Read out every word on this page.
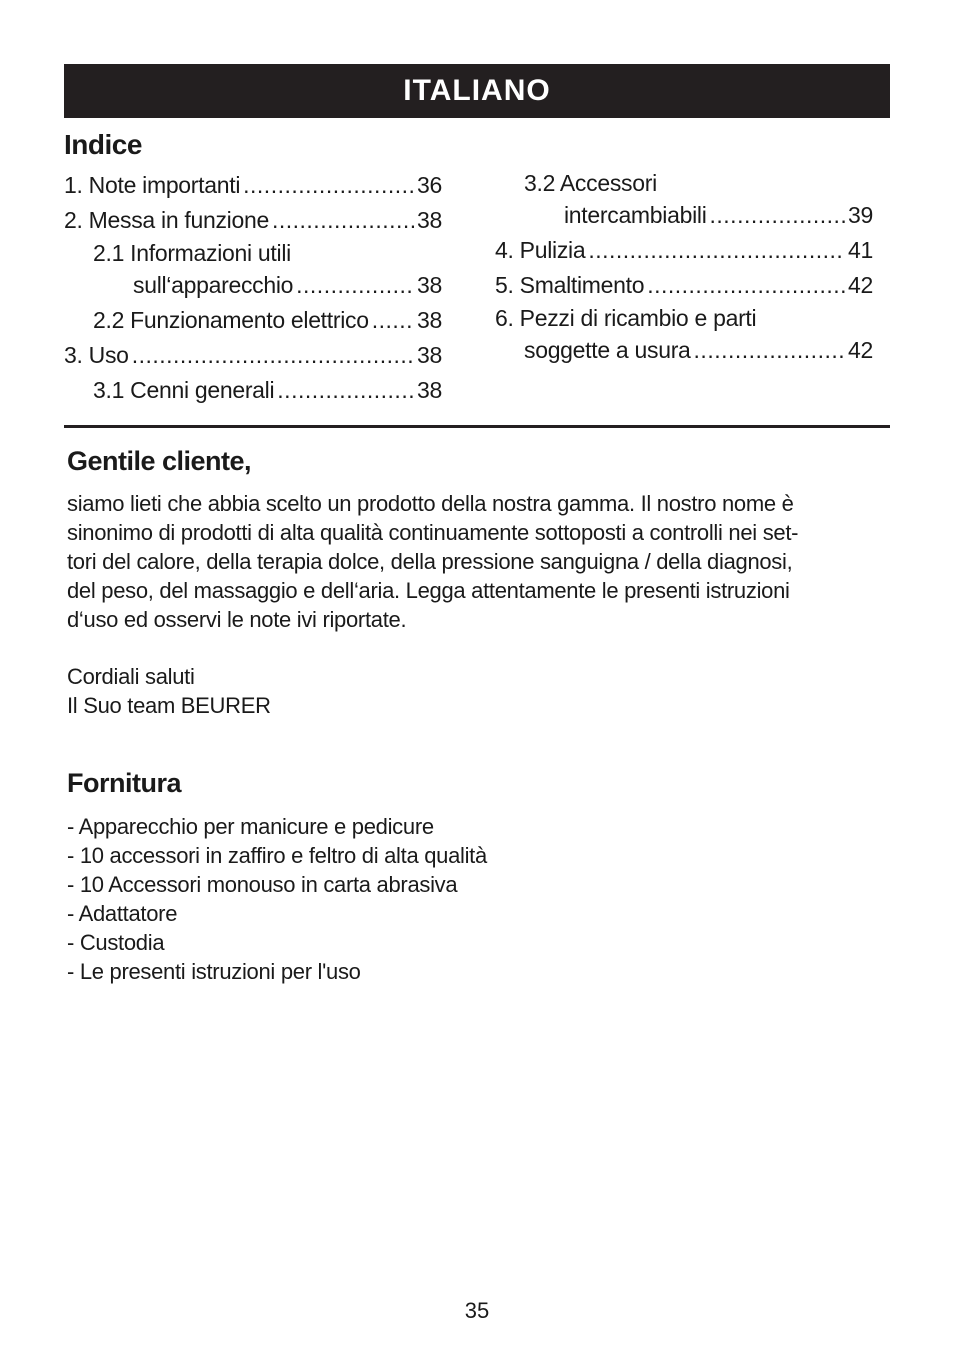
ITALIANO
Indice
1. Note importanti .....	36
2. Messa in funzione .....	38
2.1 Informazioni utili
sull‘apparecchio .....	38
2.2 Funzionamento elettrico ..... 38
3. Uso .....	38
3.1 Cenni generali .....	38
3.2 Accessori
intercambiabili .....	39
4. Pulizia .....	41
5. Smaltimento .....	42
6. Pezzi di ricambio e parti
soggette a usura .....	42
Gentile cliente,
siamo lieti che abbia scelto un prodotto della nostra gamma. Il nostro nome è
sinonimo di prodotti di alta qualità continuamente sottoposti a controlli nei set-
tori del calore, della terapia dolce, della pressione sanguigna / della diagnosi,
del peso, del massaggio e dell‘aria. Legga attentamente le presenti istruzioni
d‘uso ed osservi le note ivi riportate.
Cordiali saluti
Il Suo team BEURER
Fornitura
- Apparecchio per manicure e pedicure
- 10 accessori in zaffiro e feltro di alta qualità
- 10 Accessori monouso in carta abrasiva
- Adattatore
- Custodia
- Le presenti istruzioni per l'uso
35
